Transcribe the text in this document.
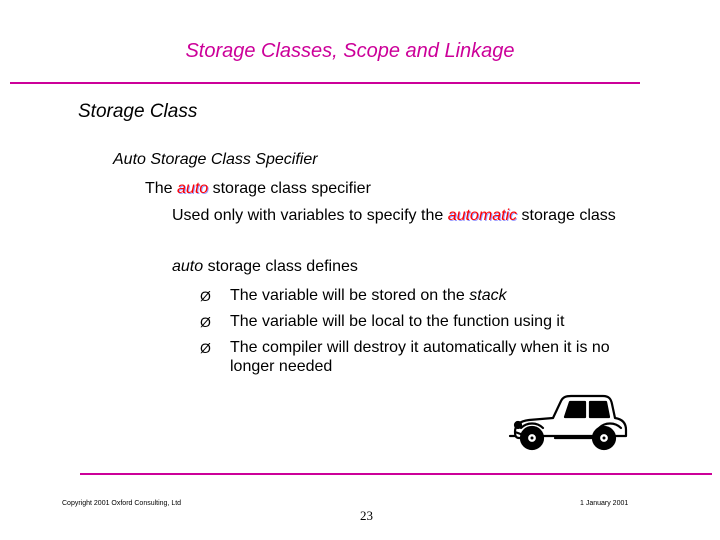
Storage Classes, Scope and Linkage
Storage Class
Auto Storage Class Specifier
The auto storage class specifier
Used only with variables to specify the automatic storage class
auto storage class defines
Ø The variable will be stored on the stack
Ø The variable will be local to the function using it
Ø The compiler will destroy it automatically when it is no
longer needed
Copyright 2001 Oxford Consulting, Ltd	1 January 2001
23
